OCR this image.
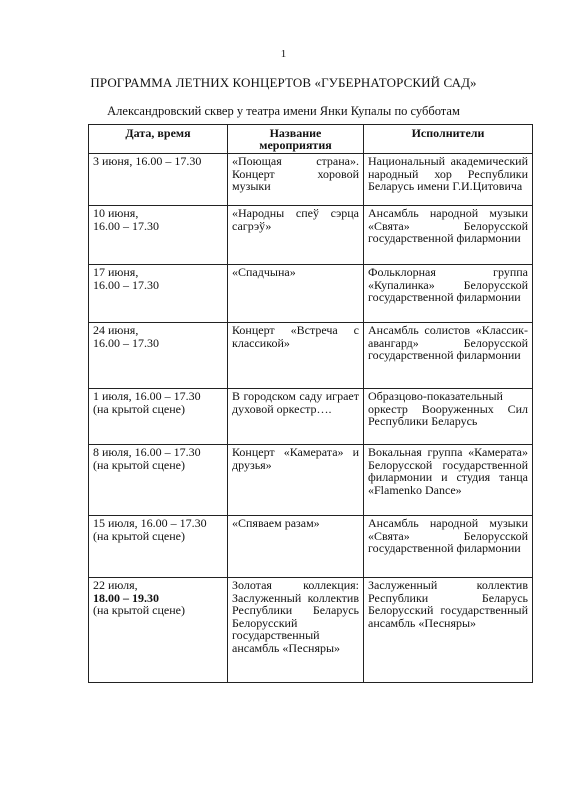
1
ПРОГРАММА ЛЕТНИХ КОНЦЕРТОВ «ГУБЕРНАТОРСКИЙ САД»
Александровский сквер у театра имени Янки Купалы по субботам
Дата, время	Название мероприятия	Исполнители

3 июня, 16.00 – 17.30	«Поющая страна». Концерт хоровой музыки	Национальный академический народный хор Республики Беларусь имени Г.И.Цитовича

10 июня,
16.00 – 17.30	«Народны спеў сэрца сагрэў»	Ансамбль народной музыки «Свята» Белорусской государственной филармонии

17 июня,
16.00 – 17.30	«Спадчына»	Фольклорная группа «Купалинка» Белорусской государственной филармонии

24 июня,
16.00 – 17.30	Концерт «Встреча с классикой»	Ансамбль солистов «Классик-авангард» Белорусской государственной филармонии

1 июля, 16.00 – 17.30
(на крытой сцене)	В городском саду играет духовой оркестр….	Образцово-показательный оркестр Вооруженных Сил Республики Беларусь

8 июля, 16.00 – 17.30
(на крытой сцене)	Концерт «Камерата» и друзья»	Вокальная группа «Камерата» Белорусской государственной филармонии и студия танца «Flamenko Dance»

15 июля, 16.00 – 17.30
(на крытой сцене)	«Спяваем разам»	Ансамбль народной музыки «Свята» Белорусской государственной филармонии

22 июля,
18.00 – 19.30
(на крытой сцене)	Золотая коллекция: Заслуженный коллектив Республики Беларусь Белорусский государственный ансамбль «Песняры»	Заслуженный коллектив Республики Беларусь Белорусский государственный ансамбль «Песняры»
